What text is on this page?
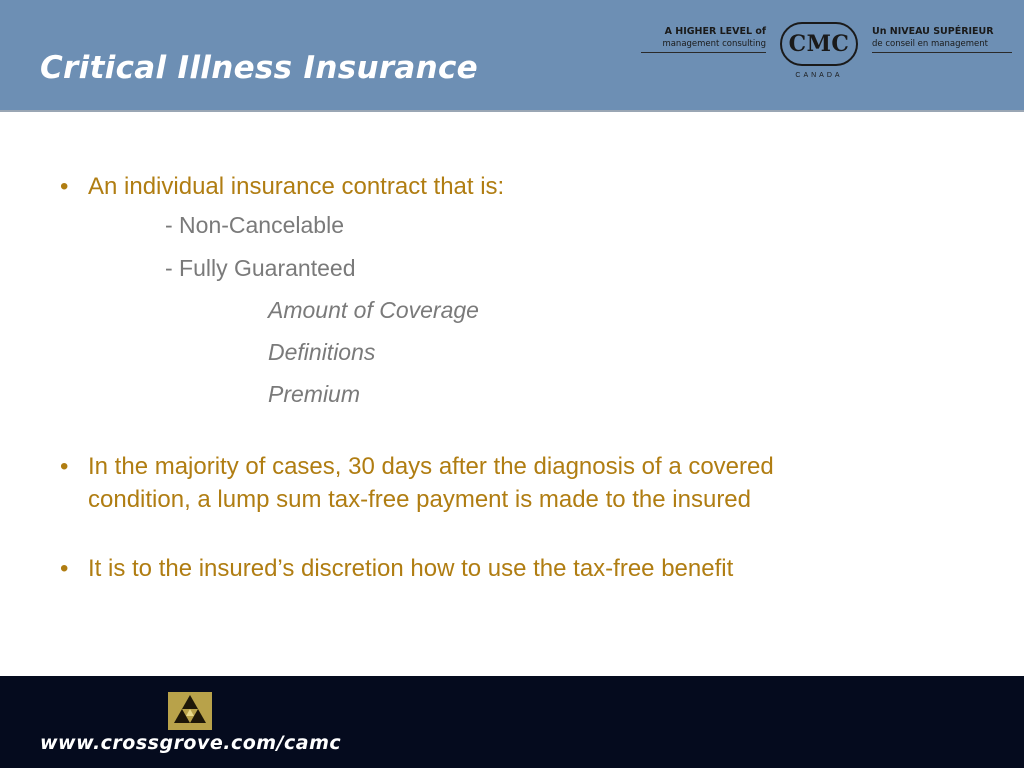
Critical Illness Insurance
A HIGHER LEVEL of
management consulting CMC
CANADA
Un NIVEAU SUPÉRIEUR
de conseil en management
• An individual insurance contract that is:
- Non-Cancelable
- Fully Guaranteed
Amount of Coverage
Definitions
Premium
• In the majority of cases, 30 days after the diagnosis of a covered
condition, a lump sum tax-free payment is made to the insured
• It is to the insured’s discretion how to use the tax-free benefit
www.crossgrove.com/camc
